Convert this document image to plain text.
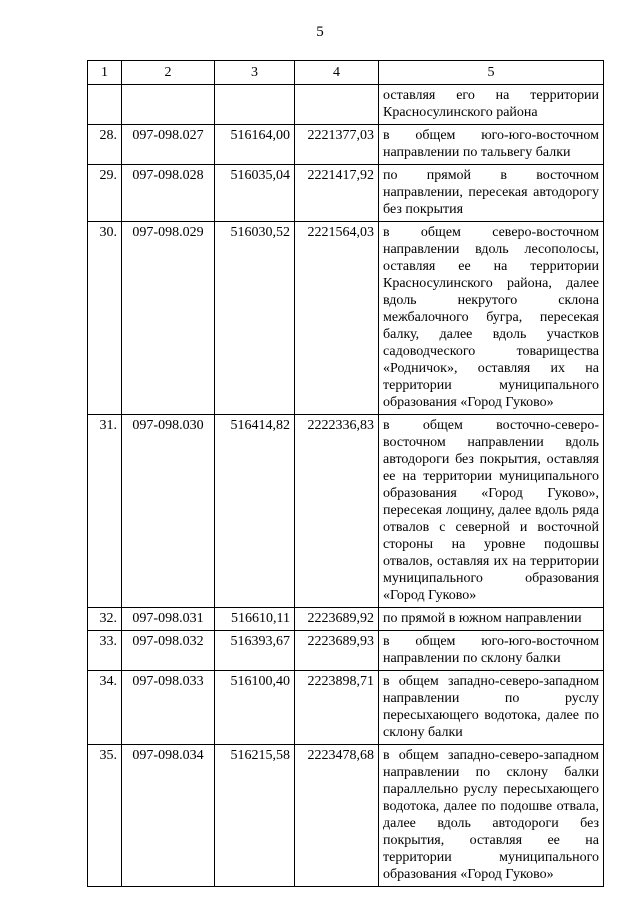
5
1	2	3	4	5
				оставляя его на территории Красносулинского района
28.	097-098.027	516164,00	2221377,03	в общем юго-юго-восточном направлении по тальвегу балки
29.	097-098.028	516035,04	2221417,92	по прямой в восточном направлении, пересекая автодорогу без покрытия
30.	097-098.029	516030,52	2221564,03	в общем северо-восточном направлении вдоль лесополосы, оставляя ее на территории Красносулинского района, далее вдоль некрутого склона межбалочного бугра, пересекая балку, далее вдоль участков садоводческого товарищества «Родничок», оставляя их на территории муниципального образования «Город Гуково»
31.	097-098.030	516414,82	2222336,83	в общем восточно-северо-восточном направлении вдоль автодороги без покрытия, оставляя ее на территории муниципального образования «Город Гуково», пересекая лощину, далее вдоль ряда отвалов с северной и восточной стороны на уровне подошвы отвалов, оставляя их на территории муниципального образования «Город Гуково»
32.	097-098.031	516610,11	2223689,92	по прямой в южном направлении
33.	097-098.032	516393,67	2223689,93	в общем юго-юго-восточном направлении по склону балки
34.	097-098.033	516100,40	2223898,71	в общем западно-северо-западном направлении по руслу пересыхающего водотока, далее по склону балки
35.	097-098.034	516215,58	2223478,68	в общем западно-северо-западном направлении по склону балки параллельно руслу пересыхающего водотока, далее по подошве отвала, далее вдоль автодороги без покрытия, оставляя ее на территории муниципального образования «Город Гуково»
